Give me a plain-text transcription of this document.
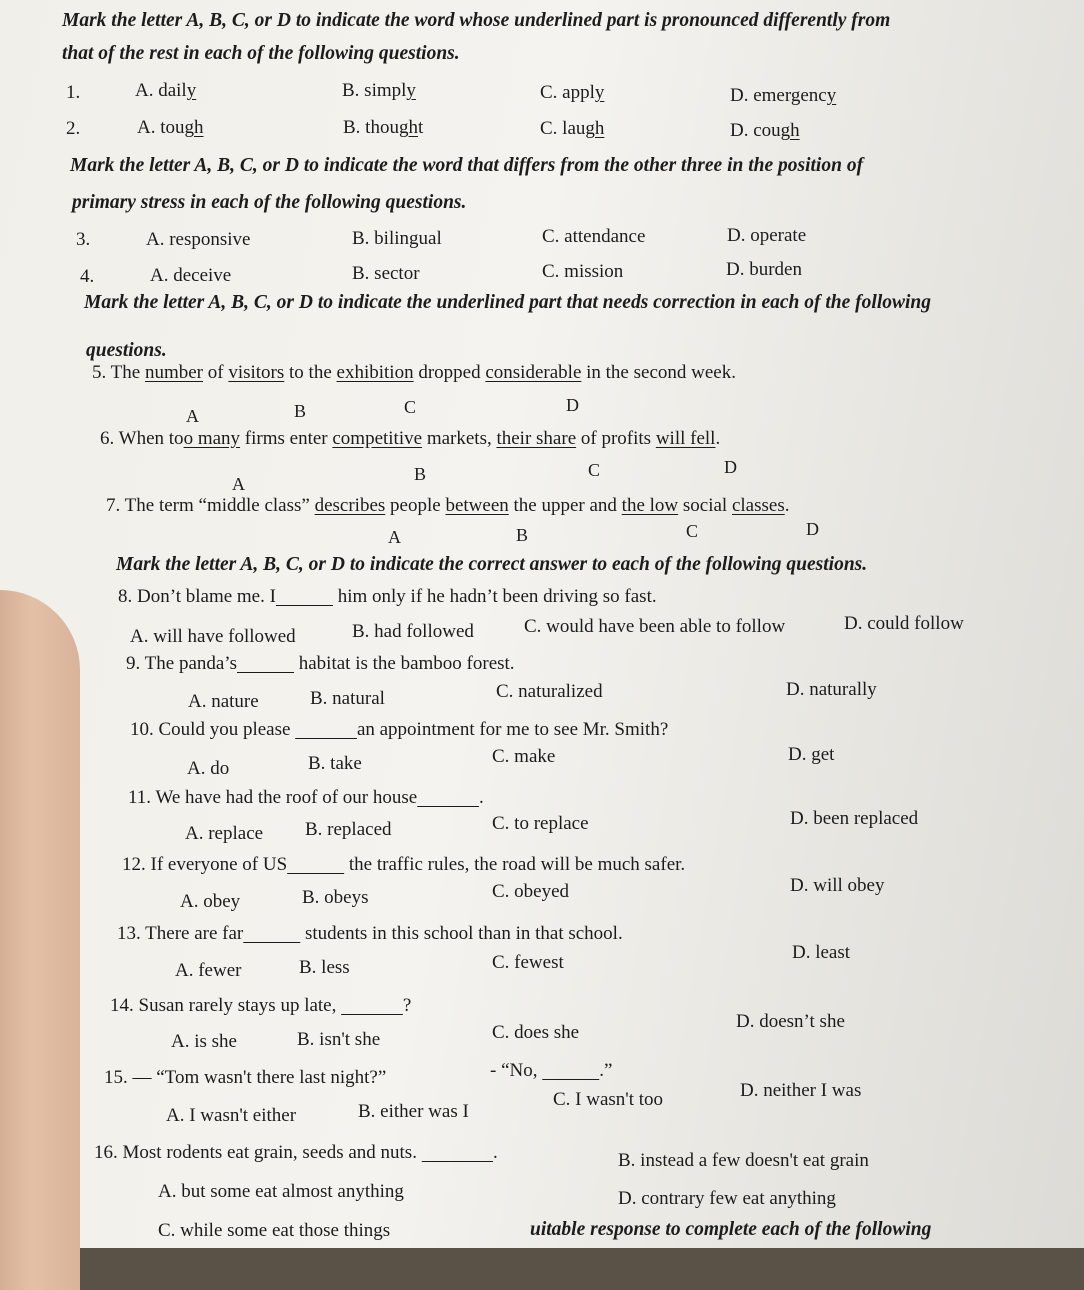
Mark the letter A, B, C, or D to indicate the word whose underlined part is pronounced differently from
that of the rest in each of the following questions.
1.	A. daily	B. simply	C. apply	D. emergency
2.	A. tough	B. thought	C. laugh	D. cough
Mark the letter A, B, C, or D to indicate the word that differs from the other three in the position of
primary stress in each of the following questions.
3.	A. responsive	B. bilingual	C. attendance	D. operate
4.	A. deceive	B. sector	C. mission	D. burden
Mark the letter A, B, C, or D to indicate the underlined part that needs correction in each of the following
questions.
5. The number of visitors to the exhibition dropped considerable in the second week.
A	B	C	D
6. When too many firms enter competitive markets, their share of profits will fell.
A	B	C	D
7. The term “middle class” describes people between the upper and the low social classes.
A	B	C	D
Mark the letter A, B, C, or D to indicate the correct answer to each of the following questions.
8. Don’t blame me. I	him only if he hadn’t been driving so fast.
A. will have followed	B. had followed	C. would have been able to follow	D. could follow
9. The panda’s	habitat is the bamboo forest.
A. nature	B. natural	C. naturalized	D. naturally
10. Could you please	an appointment for me to see Mr. Smith?
A. do	B. take	C. make	D. get
11. We have had the roof of our house	.
A. replace B. replaced	C. to replace	D. been replaced
12. If everyone of US	the traffic rules, the road will be much safer.
A. obey	B. obeys	C. obeyed	D. will obey
13. There are far	students in this school than in that school.
A. fewer	B. less	C. fewest	D. least
14. Susan rarely stays up late,	?
A. is she	B. isn't she	C. does she
D. doesn’t she
15. — “Tom wasn't there last night?”	- “No,	.”
A. I wasn't either	B. either was I
C. I wasn't too	D. neither I was
16. Most rodents eat grain, seeds and nuts.	.
A. but some eat almost anything
B. instead a few doesn't eat grain
C. while some eat those things
D. contrary few eat anything
uitable response to complete each of the following
